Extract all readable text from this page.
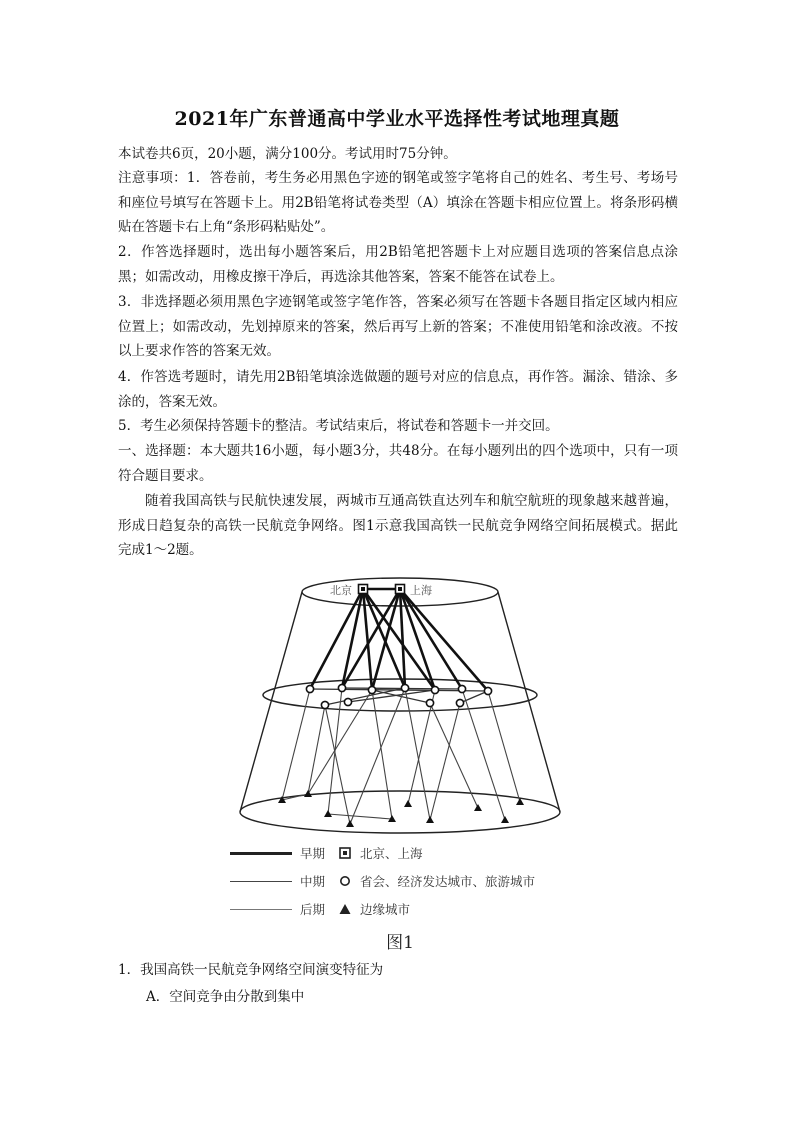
2021年广东普通高中学业水平选择性考试地理真题

本试卷共6页，20小题，满分100分。考试用时75分钟。

注意事项：1．答卷前，考生务必用黑色字迹的钢笔或签字笔将自己的姓名、考生号、考场号和座位号填写在答题卡上。用2B铅笔将试卷类型（A）填涂在答题卡相应位置上。将条形码横贴在答题卡右上角“条形码粘贴处”。

2．作答选择题时，选出每小题答案后，用2B铅笔把答题卡上对应题目选项的答案信息点涂黑；如需改动，用橡皮擦干净后，再选涂其他答案，答案不能答在试卷上。

3．非选择题必须用黑色字迹钢笔或签字笔作答，答案必须写在答题卡各题目指定区域内相应位置上；如需改动，先划掉原来的答案，然后再写上新的答案；不准使用铅笔和涂改液。不按以上要求作答的答案无效。

4．作答选考题时，请先用2B铅笔填涂选做题的题号对应的信息点，再作答。漏涂、错涂、多涂的，答案无效。

5．考生必须保持答题卡的整洁。考试结束后，将试卷和答题卡一并交回。

一、选择题：本大题共16小题，每小题3分，共48分。在每小题列出的四个选项中，只有一项符合题目要求。

随着我国高铁与民航快速发展，两城市互通高铁直达列车和航空航班的现象越来越普遍，形成日趋复杂的高铁一民航竞争网络。图1示意我国高铁一民航竞争网络空间拓展模式。据此完成1～2题。

北京	上海
早期	北京、上海
中期	省会、经济发达城市、旅游城市
后期	边缘城市
图1

1．我国高铁一民航竞争网络空间演变特征为

A．空间竞争由分散到集中
